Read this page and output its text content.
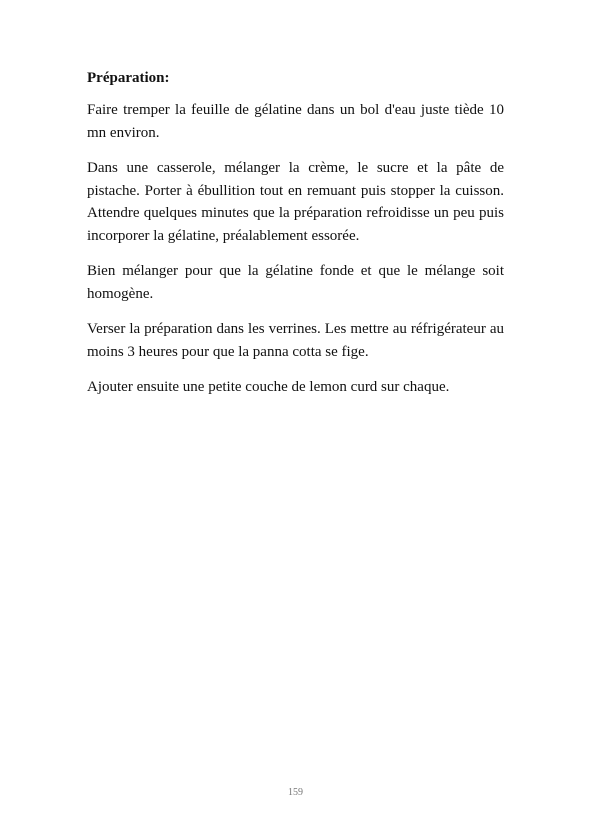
Préparation:

Faire tremper la feuille de gélatine dans un bol d'eau juste tiède 10 mn environ.

Dans une casserole, mélanger la crème, le sucre et la pâte de pistache. Porter à ébullition tout en remuant puis stopper la cuisson. Attendre quelques minutes que la préparation refroidisse un peu puis incorporer la gélatine, préalablement essorée.

Bien mélanger pour que la gélatine fonde et que le mélange soit homogène.

Verser la préparation dans les verrines. Les mettre au réfrigérateur au moins 3 heures pour que la panna cotta se fige.

Ajouter ensuite une petite couche de lemon curd sur chaque.

159
